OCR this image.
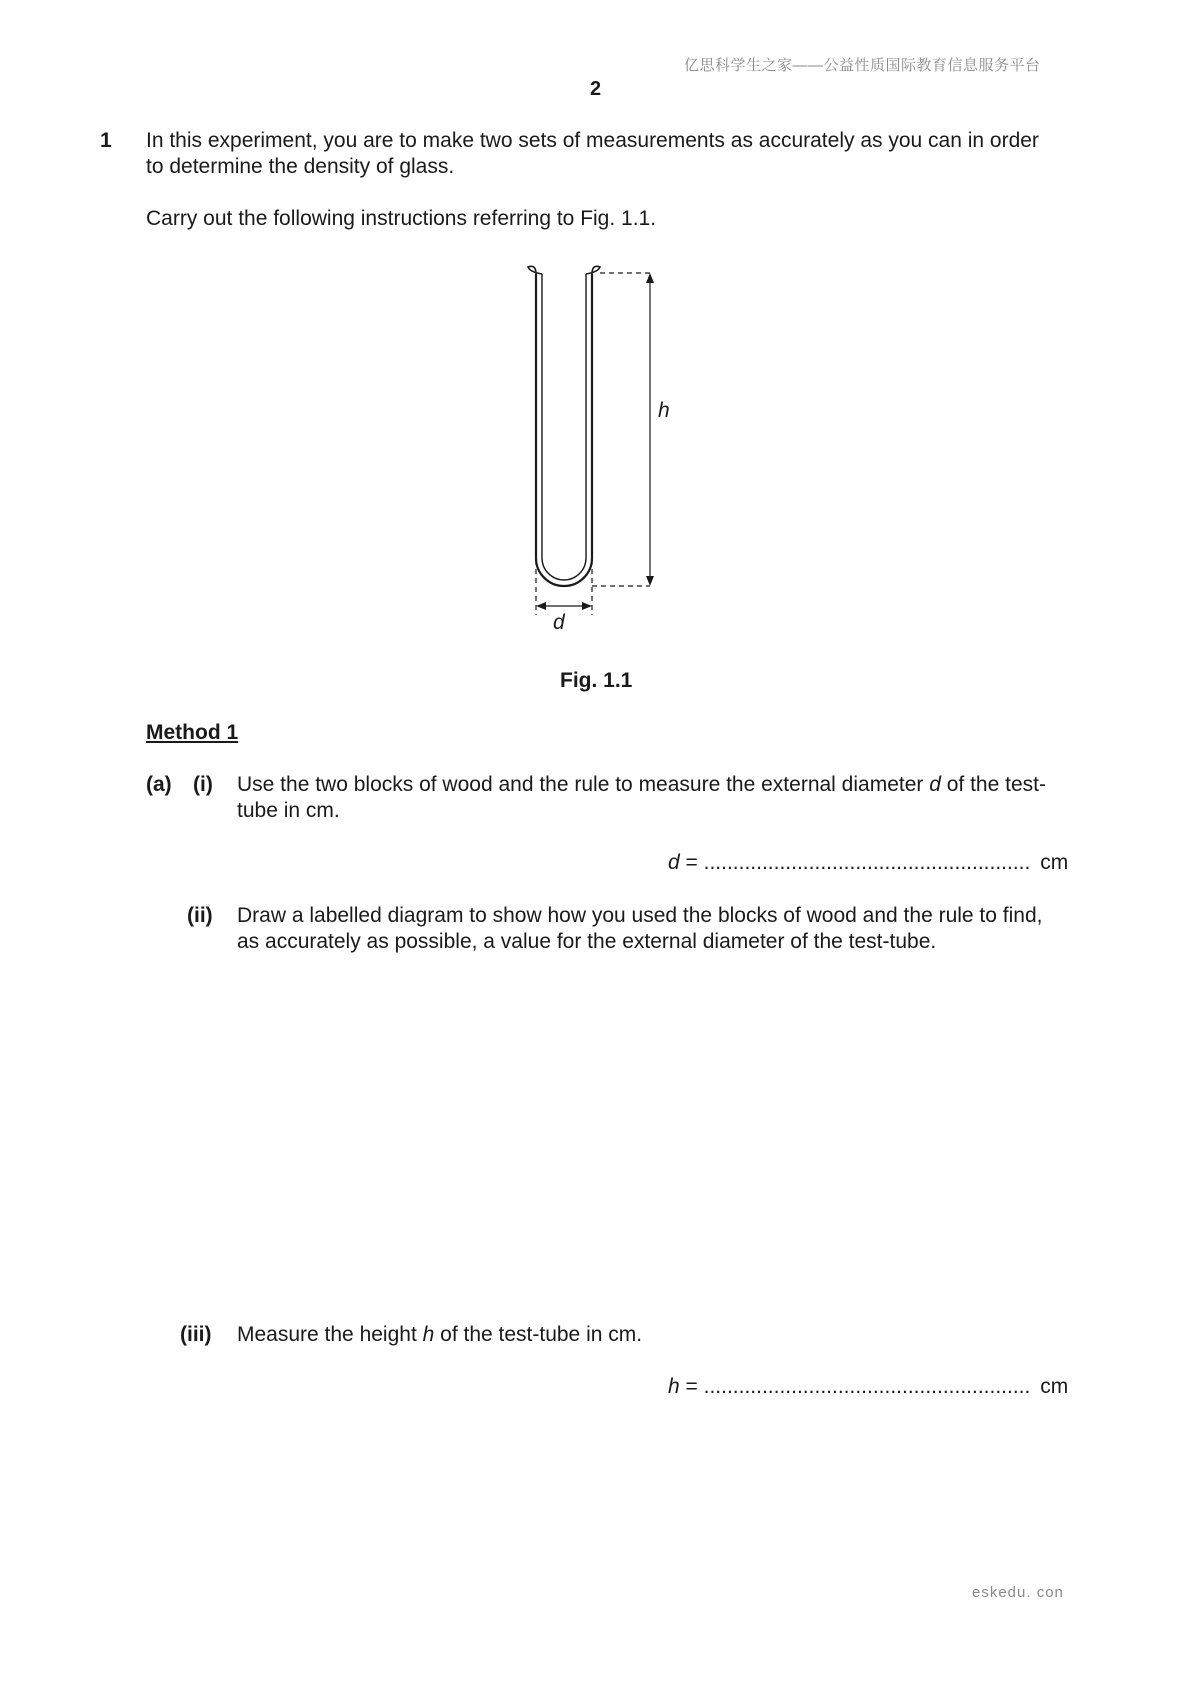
亿思科学生之家——公益性质国际教育信息服务平台
2
1 In this experiment, you are to make two sets of measurements as accurately as you can in order
to determine the density of glass.
Carry out the following instructions referring to Fig. 1.1.
h
d
Fig. 1.1
Method 1
(a) (i) Use the two blocks of wood and the rule to measure the external diameter d of the test-
tube in cm.
d = ........................................................ cm
(ii) Draw a labelled diagram to show how you used the blocks of wood and the rule to find,
as accurately as possible, a value for the external diameter of the test-tube.
(iii) Measure the height h of the test-tube in cm.
h = ........................................................ cm
eskedu. con
